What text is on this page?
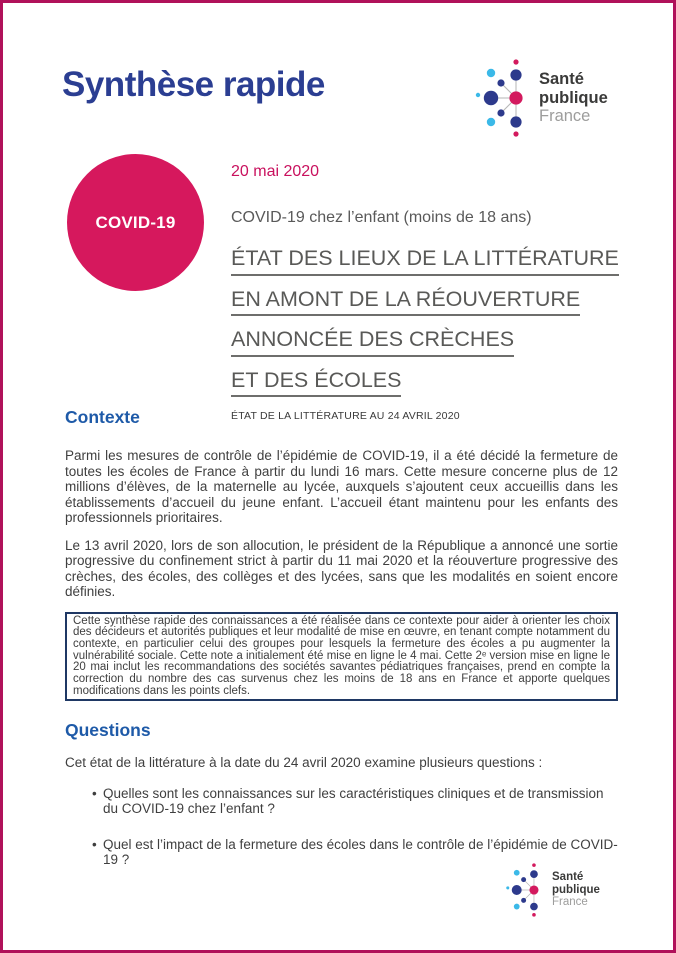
Synthèse rapide	Santé
publique
France
COVID-19

20 mai 2020

COVID-19 chez l’enfant (moins de 18 ans)

ÉTAT DES LIEUX DE LA LITTÉRATURE
EN AMONT DE LA RÉOUVERTURE
ANNONCÉE DES CRÈCHES
ET DES ÉCOLES

ÉTAT DE LA LITTÉRATURE AU 24 AVRIL 2020

Contexte

Parmi les mesures de contrôle de l’épidémie de COVID-19, il a été décidé la fermeture de toutes les écoles de France à partir du lundi 16 mars. Cette mesure concerne plus de 12 millions d’élèves, de la maternelle au lycée, auxquels s’ajoutent ceux accueillis dans les établissements d’accueil du jeune enfant. L’accueil étant maintenu pour les enfants des professionnels prioritaires.

Le 13 avril 2020, lors de son allocution, le président de la République a annoncé une sortie progressive du confinement strict à partir du 11 mai 2020 et la réouverture progressive des crèches, des écoles, des collèges et des lycées, sans que les modalités en soient encore définies.

Cette synthèse rapide des connaissances a été réalisée dans ce contexte pour aider à orienter les choix des décideurs et autorités publiques et leur modalité de mise en œuvre, en tenant compte notamment du contexte, en particulier celui des groupes pour lesquels la fermeture des écoles a pu augmenter la vulnérabilité sociale. Cette note a initialement été mise en ligne le 4 mai. Cette 2ᵉ version mise en ligne le 20 mai inclut les recommandations des sociétés savantes pédiatriques françaises, prend en compte la correction du nombre des cas survenus chez les moins de 18 ans en France et apporte quelques modifications dans les points clefs.
Questions

Cet état de la littérature à la date du 24 avril 2020 examine plusieurs questions :

• Quelles sont les connaissances sur les caractéristiques cliniques et de transmission du COVID-19 chez l’enfant ?
• Quel est l’impact de la fermeture des écoles dans le contrôle de l’épidémie de COVID-19 ?
Santé
publique
France
